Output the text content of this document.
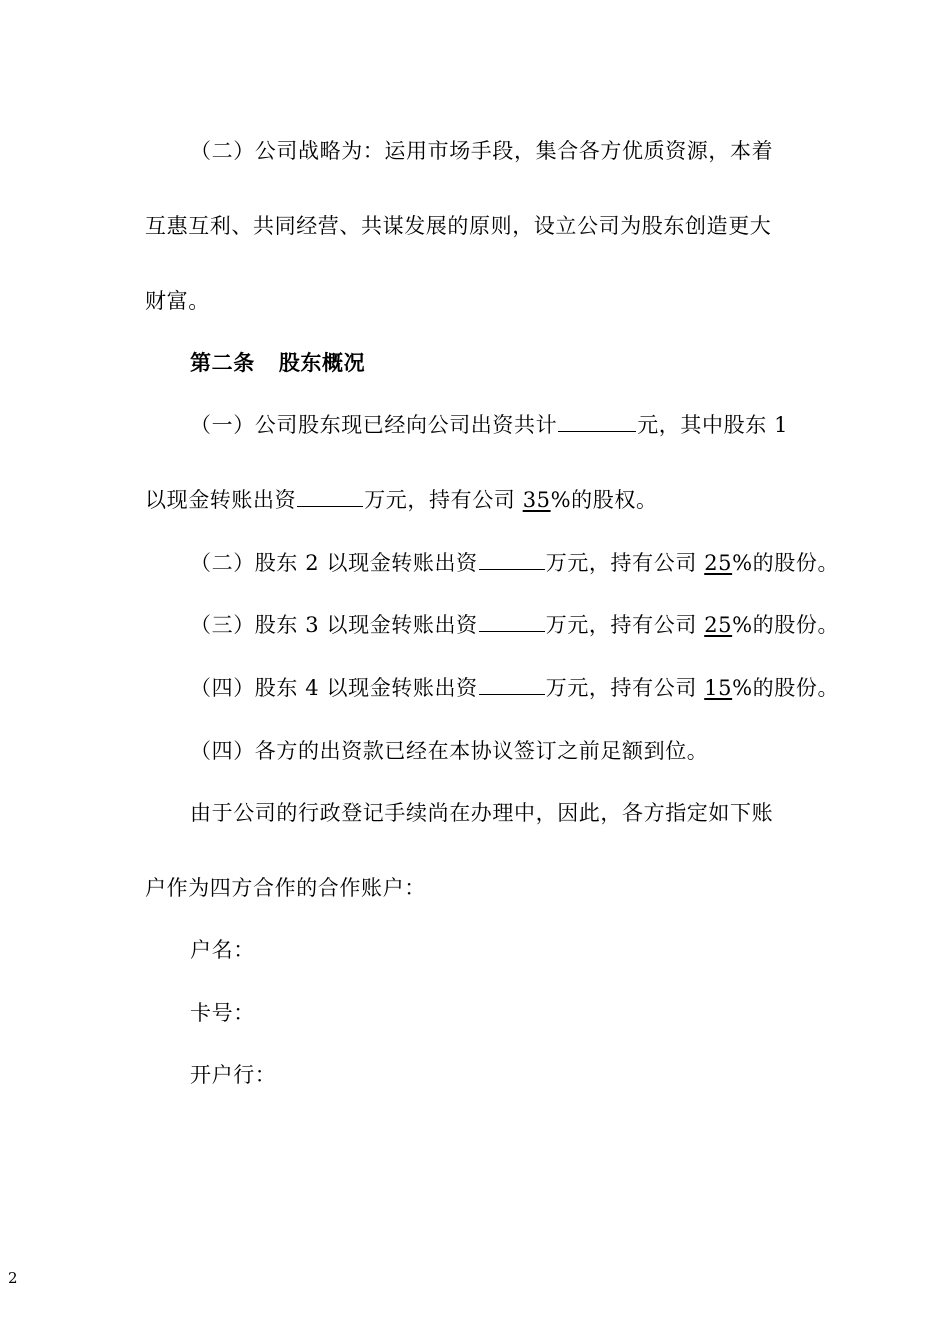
（二）公司战略为：运用市场手段，集合各方优质资源，本着
互惠互利、共同经营、共谋发展的原则，设立公司为股东创造更大
财富。
第二条 股东概况
（一）公司股东现已经向公司出资共计	元，其中股东 1
以现金转账出资	万元，持有公司 35%的股权。
（二）股东 2 以现金转账出资	万元，持有公司 25%的股份。
（三）股东 3 以现金转账出资	万元，持有公司 25%的股份。
（四）股东 4 以现金转账出资	万元，持有公司 15%的股份。
（四）各方的出资款已经在本协议签订之前足额到位。
由于公司的行政登记手续尚在办理中，因此，各方指定如下账
户作为四方合作的合作账户：
户名：
卡号：
开户行：
2
